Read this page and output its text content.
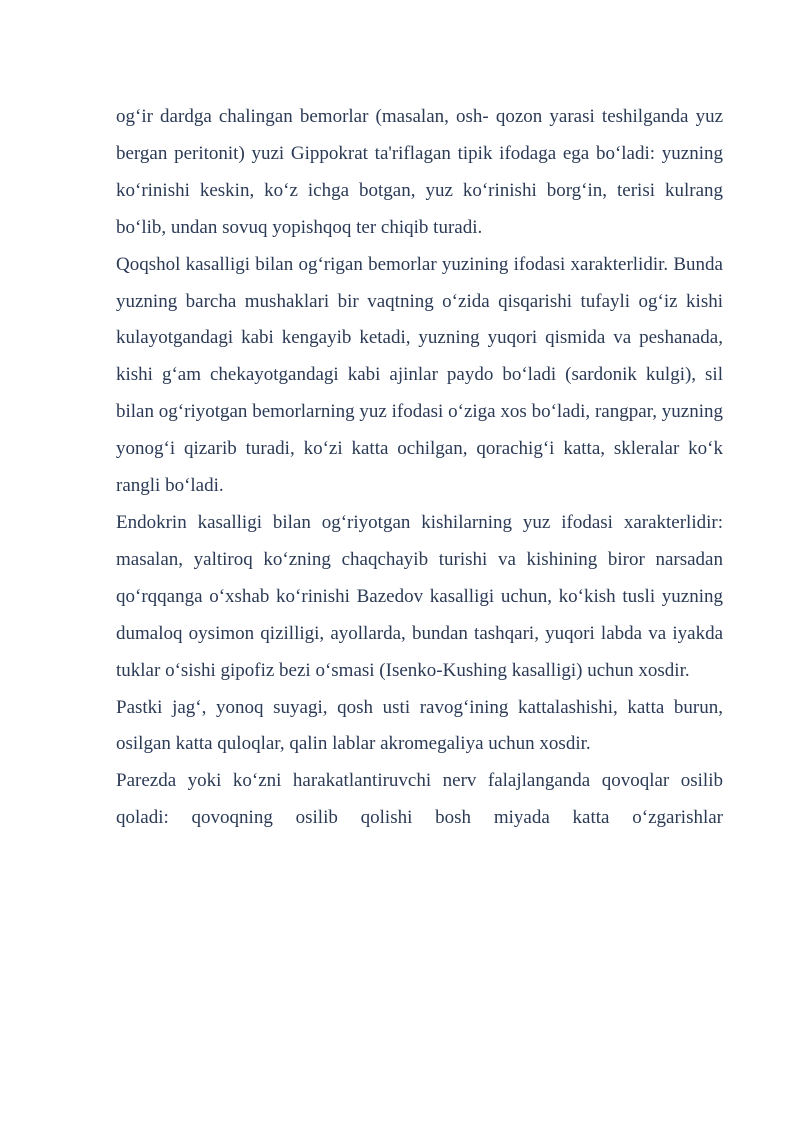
og‘ir dardga chalingan bemorlar (masalan, osh- qozon yarasi teshilganda yuz bergan peritonit) yuzi Gippokrat ta'riflagan tipik ifodaga ega bo‘ladi: yuzning ko‘rinishi keskin, ko‘z ichga botgan, yuz ko‘rinishi borg‘in, terisi kulrang bo‘lib, undan sovuq yopishqoq ter chiqib turadi.

Qoqshol kasalligi bilan og‘rigan bemorlar yuzining ifodasi xarakterlidir. Bunda yuzning barcha mushaklari bir vaqtning o‘zida qisqarishi tufayli og‘iz kishi kulayotgandagi kabi kengayib ketadi, yuzning yuqori qismida va peshanada, kishi g‘am chekayotgandagi kabi ajinlar paydo bo‘ladi (sardonik kulgi), sil bilan og‘riyotgan bemorlarning yuz ifodasi o‘ziga xos bo‘ladi, rangpar, yuzning yonog‘i qizarib turadi, ko‘zi katta ochilgan, qorachig‘i katta, skleralar ko‘k rangli bo‘ladi.

Endokrin kasalligi bilan og‘riyotgan kishilarning yuz ifodasi xarakterlidir: masalan, yaltiroq ko‘zning chaqchayib turishi va kishining biror narsadan qo‘rqqanga o‘xshab ko‘rinishi Bazedov kasalligi uchun, ko‘kish tusli yuzning dumaloq oysimon qizilligi, ayollarda, bundan tashqari, yuqori labda va iyakda tuklar o‘sishi gipofiz bezi o‘smasi (Isenko-Kushing kasalligi) uchun xosdir.

Pastki jag‘, yonoq suyagi, qosh usti ravog‘ining kattalashishi, katta burun, osilgan katta quloqlar, qalin lablar akromegaliya uchun xosdir.

Parezda yoki ko‘zni harakatlantiruvchi nerv falajlanganda qovoqlar osilib qoladi: qovoqning osilib qolishi bosh miyada katta o‘zgarishlar
